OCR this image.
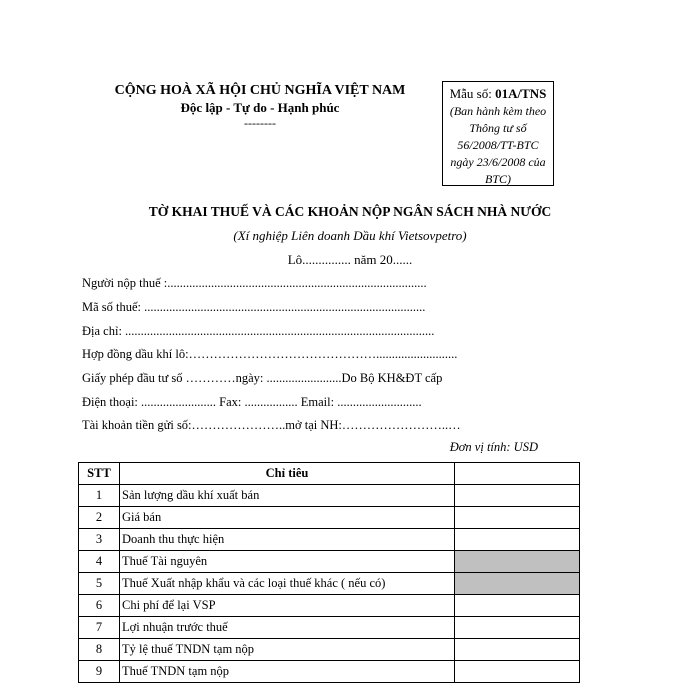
CỘNG HOÀ XÃ HỘI CHỦ NGHĨA VIỆT NAM
Độc lập - Tự do - Hạnh phúc
--------
Mẫu số: 01A/TNS
(Ban hành kèm theo Thông tư số 56/2008/TT-BTC ngày 23/6/2008 của BTC)
TỜ KHAI THUẾ VÀ CÁC KHOẢN NỘP NGÂN SÁCH NHÀ NƯỚC
(Xí nghiệp Liên doanh Dầu khí Vietsovpetro)
Lô............... năm 20......
Người nộp thuế :...................................................................................
Mã số thuế: ..........................................................................................
Địa chỉ: ...................................................................................................
Hợp đồng dầu khí lô:………………………………………..........................
Giấy phép đầu tư số …………ngày: ........................Do Bộ KH&ĐT cấp
Điện thoại: ........................ Fax: ................. Email: ...........................
Tài khoản tiền gửi số:…………………..mở tại NH:……………………..…
Đơn vị tính: USD
STT	Chỉ tiêu	
1	Sản lượng dầu khí xuất bán	
2	Giá bán	
3	Doanh thu thực hiện	
4	Thuế Tài nguyên	
5	Thuế Xuất nhập khẩu và các loại thuế khác ( nếu có)	
6	Chi phí để lại VSP	
7	Lợi nhuận trước thuế	
8	Tỷ lệ thuế TNDN tạm nộp	
9	Thuế TNDN tạm nộp	
